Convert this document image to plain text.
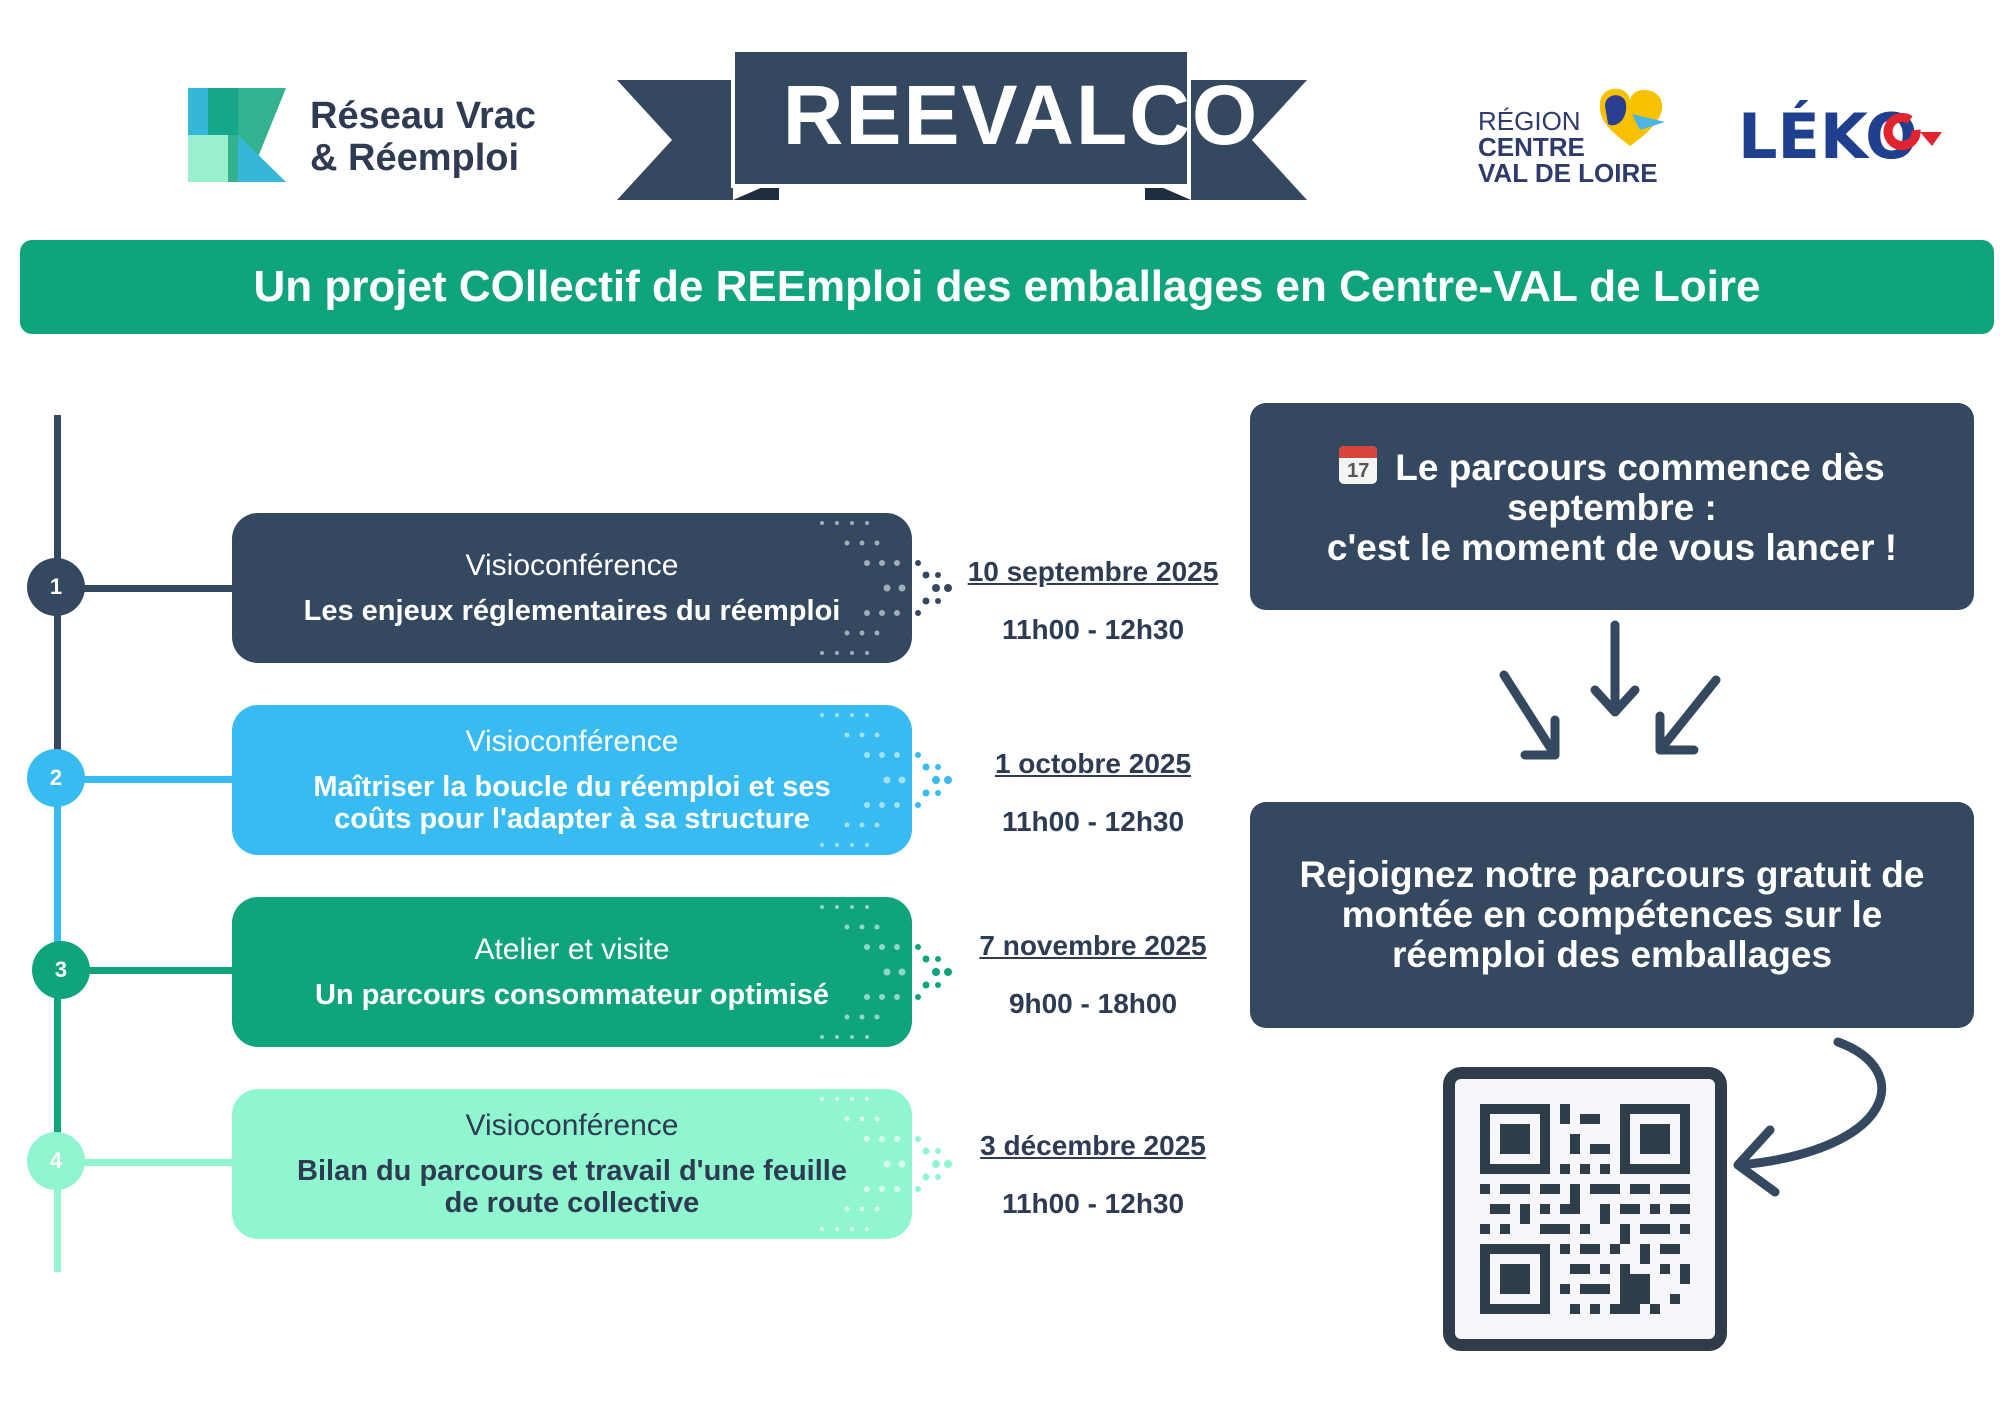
Réseau Vrac
& Réemploi	REEVALCO	RÉGION
CENTRE
VAL DE LOIRE LÉKO
Un projet COllectif de REEmploi des emballages en Centre-VAL de Loire
1
2
3
4
Visioconférence
Les enjeux réglementaires du réemploi
Visioconférence
Maîtriser la boucle du réemploi et ses
coûts pour l'adapter à sa structure
Atelier et visite
Un parcours consommateur optimisé
Visioconférence
Bilan du parcours et travail d'une feuille
de route collective
10 septembre 2025
11h00 - 12h30
1 octobre 2025
11h00 - 12h30
7 novembre 2025
9h00 - 18h00
3 décembre 2025
11h00 - 12h30
17 Le parcours commence dès
septembre :
c'est le moment de vous lancer !
Rejoignez notre parcours gratuit de
montée en compétences sur le
réemploi des emballages
